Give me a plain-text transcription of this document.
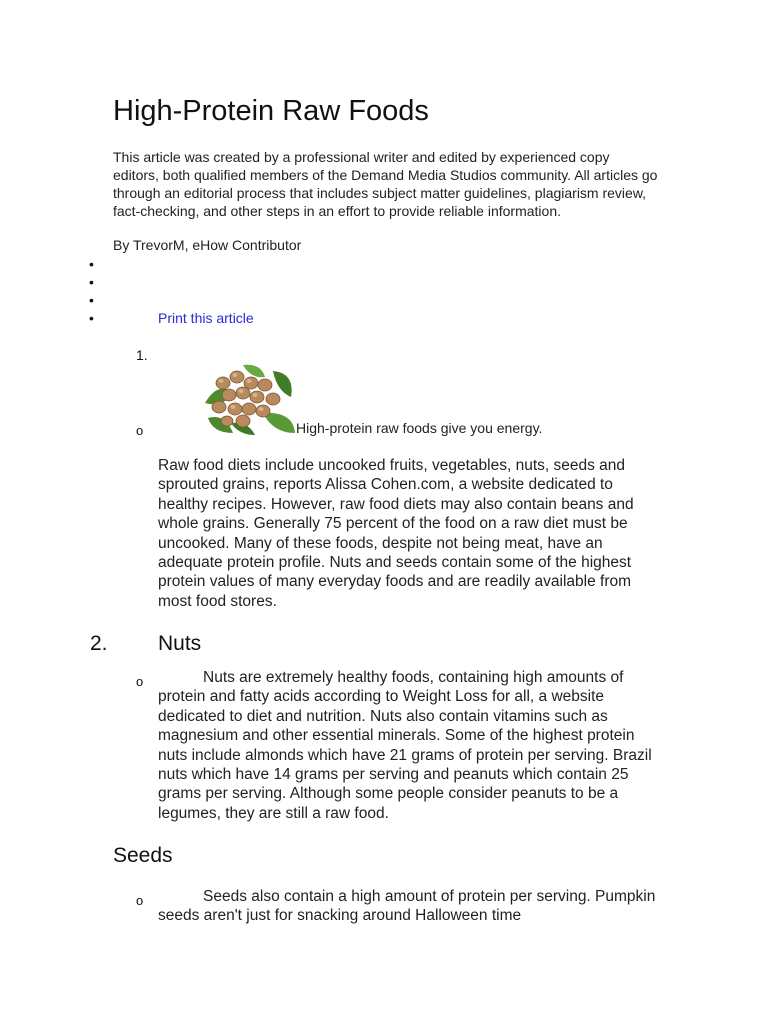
High-Protein Raw Foods
This article was created by a professional writer and edited by experienced copy editors, both qualified members of the Demand Media Studios community. All articles go through an editorial process that includes subject matter guidelines, plagiarism review, fact-checking, and other steps in an effort to provide reliable information.
By TrevorM, eHow Contributor
•
•
•
•	Print this article
1.
o	High-protein raw foods give you energy.

Raw food diets include uncooked fruits, vegetables, nuts, seeds and sprouted grains, reports Alissa Cohen.com, a website dedicated to healthy recipes. However, raw food diets may also contain beans and whole grains. Generally 75 percent of the food on a raw diet must be uncooked. Many of these foods, despite not being meat, have an adequate protein profile. Nuts and seeds contain some of the highest protein values of many everyday foods and are readily available from most food stores.

2. Nuts
o	Nuts are extremely healthy foods, containing high amounts of protein and fatty acids according to Weight Loss for all, a website dedicated to diet and nutrition. Nuts also contain vitamins such as magnesium and other essential minerals. Some of the highest protein nuts include almonds which have 21 grams of protein per serving. Brazil nuts which have 14 grams per serving and peanuts which contain 25 grams per serving. Although some people consider peanuts to be a legumes, they are still a raw food.

Seeds
o	Seeds also contain a high amount of protein per serving. Pumpkin seeds aren't just for snacking around Halloween time
